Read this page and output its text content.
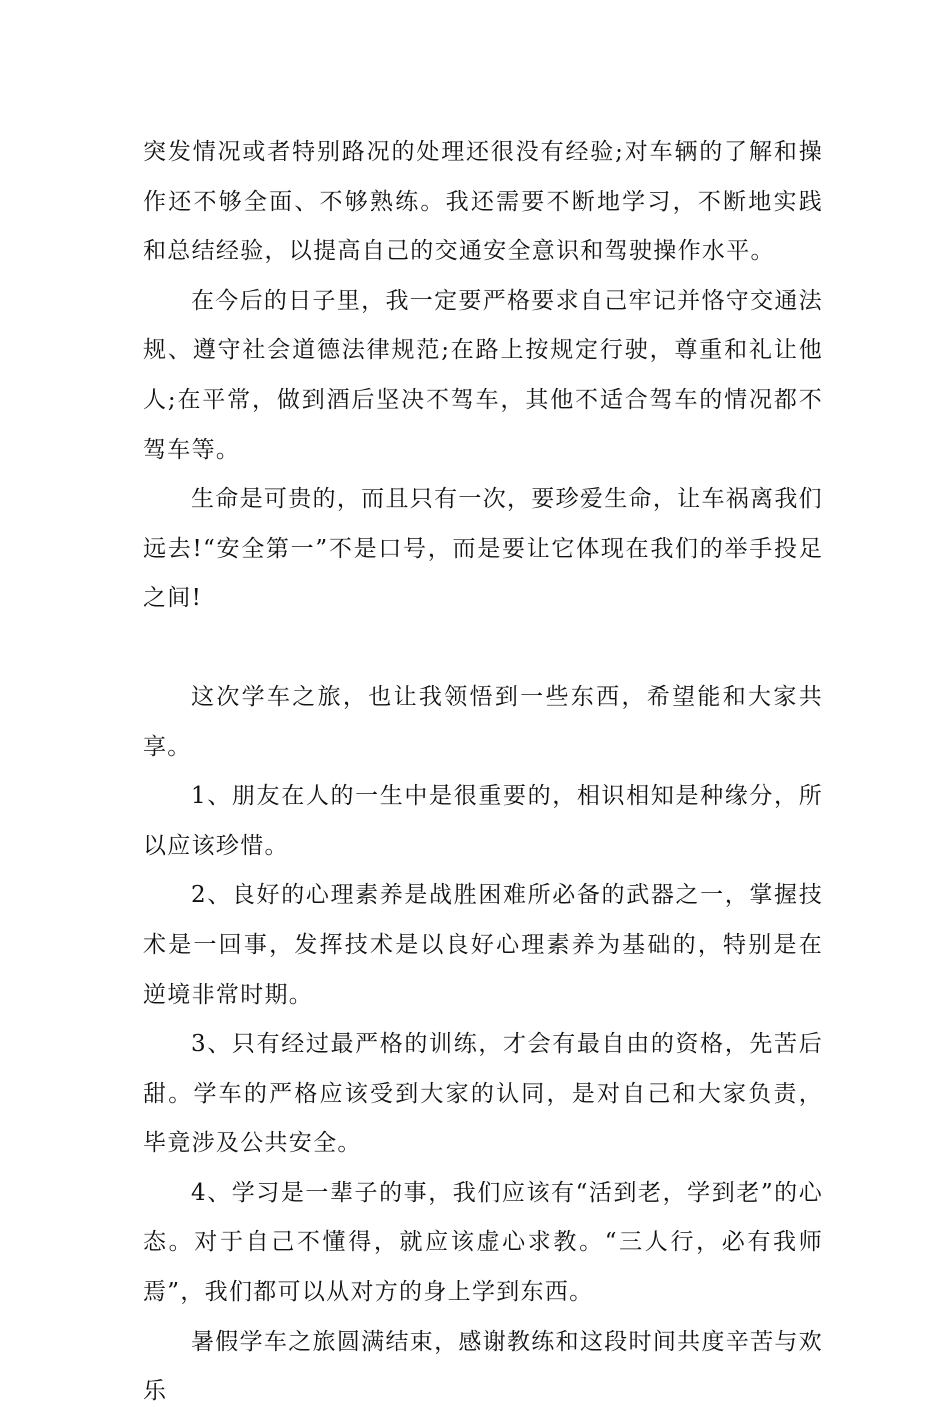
突发情况或者特别路况的处理还很没有经验;对车辆的了解和操作还不够全面、不够熟练。我还需要不断地学习，不断地实践和总结经验，以提高自己的交通安全意识和驾驶操作水平。

在今后的日子里，我一定要严格要求自己牢记并恪守交通法规、遵守社会道德法律规范;在路上按规定行驶，尊重和礼让他人;在平常，做到酒后坚决不驾车，其他不适合驾车的情况都不驾车等。

生命是可贵的，而且只有一次，要珍爱生命，让车祸离我们远去!“安全第一”不是口号，而是要让它体现在我们的举手投足之间!

这次学车之旅，也让我领悟到一些东西，希望能和大家共享。

1、朋友在人的一生中是很重要的，相识相知是种缘分，所以应该珍惜。

2、良好的心理素养是战胜困难所必备的武器之一，掌握技术是一回事，发挥技术是以良好心理素养为基础的，特别是在逆境非常时期。

3、只有经过最严格的训练，才会有最自由的资格，先苦后甜。学车的严格应该受到大家的认同，是对自己和大家负责，毕竟涉及公共安全。

4、学习是一辈子的事，我们应该有“活到老，学到老”的心态。对于自己不懂得，就应该虚心求教。“三人行，必有我师焉”，我们都可以从对方的身上学到东西。

暑假学车之旅圆满结束，感谢教练和这段时间共度辛苦与欢乐
